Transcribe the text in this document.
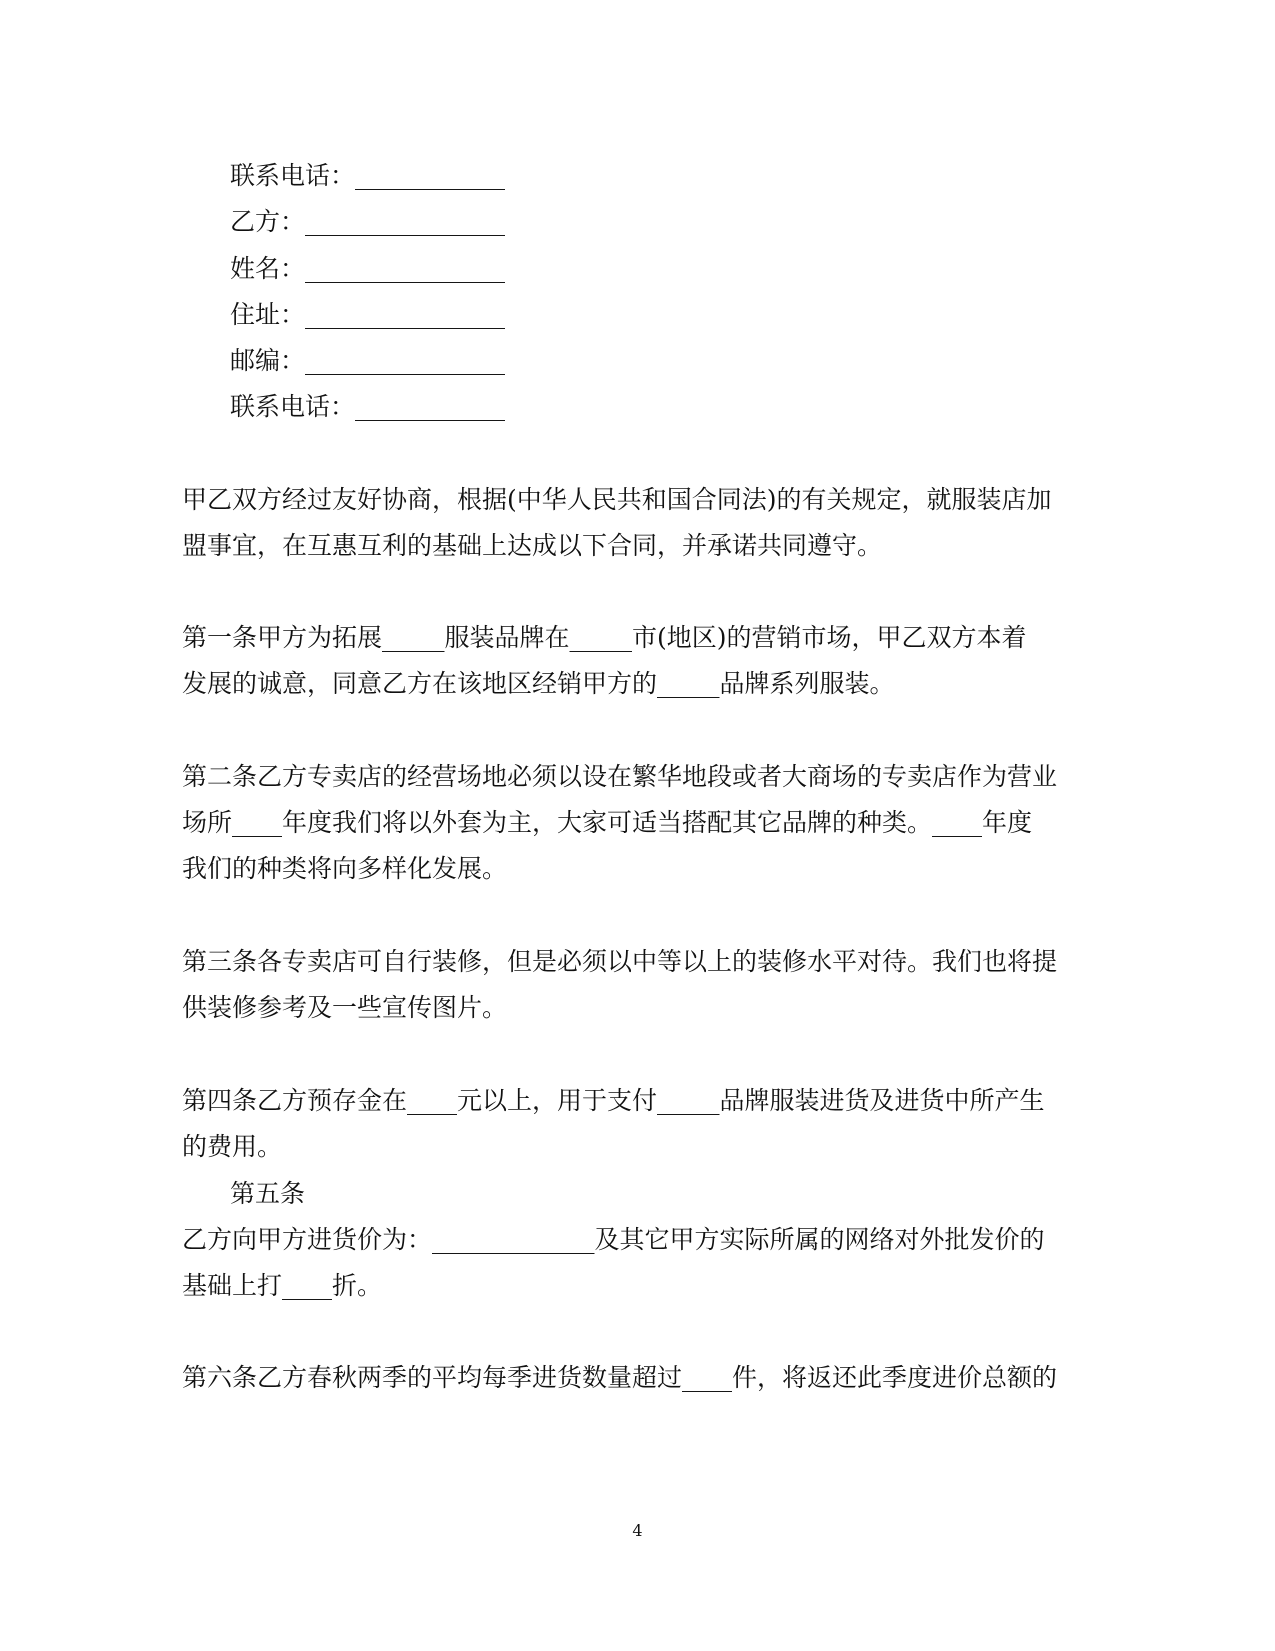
联系电话：____________
乙方：________________
姓名：________________
住址：________________
邮编：________________
联系电话：____________
甲乙双方经过友好协商，根据(中华人民共和国合同法)的有关规定，就服装店加
盟事宜，在互惠互利的基础上达成以下合同，并承诺共同遵守。
第一条甲方为拓展_____服装品牌在_____市(地区)的营销市场，甲乙双方本着
发展的诚意，同意乙方在该地区经销甲方的_____品牌系列服装。
第二条乙方专卖店的经营场地必须以设在繁华地段或者大商场的专卖店作为营业
场所____年度我们将以外套为主，大家可适当搭配其它品牌的种类。____年度
我们的种类将向多样化发展。
第三条各专卖店可自行装修，但是必须以中等以上的装修水平对待。我们也将提
供装修参考及一些宣传图片。
第四条乙方预存金在____元以上，用于支付_____品牌服装进货及进货中所产生
的费用。
第五条
乙方向甲方进货价为：_____________及其它甲方实际所属的网络对外批发价的
基础上打____折。
第六条乙方春秋两季的平均每季进货数量超过____件，将返还此季度进价总额的
4
